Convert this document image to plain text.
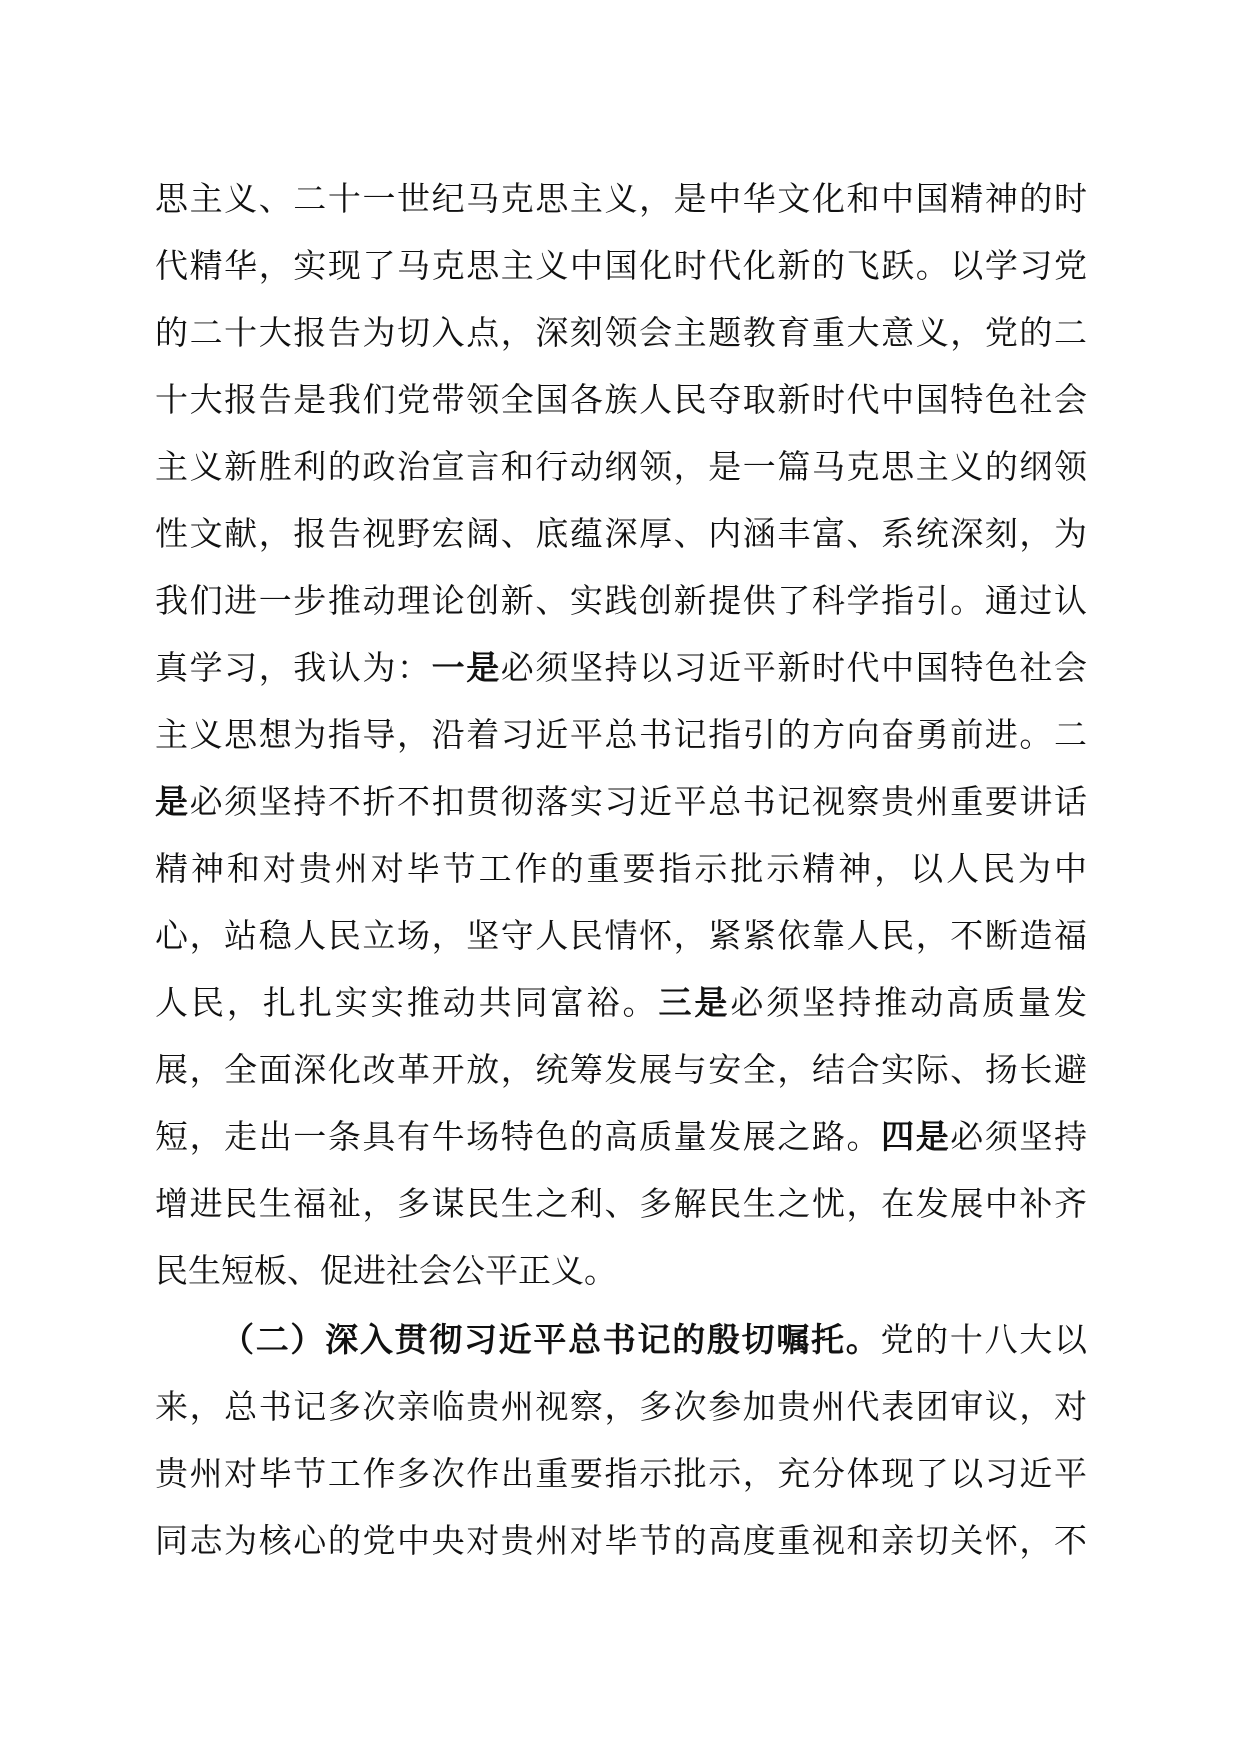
思主义、二十一世纪马克思主义，是中华文化和中国精神的时
代精华，实现了马克思主义中国化时代化新的飞跃。以学习党
的二十大报告为切入点，深刻领会主题教育重大意义，党的二
十大报告是我们党带领全国各族人民夺取新时代中国特色社会
主义新胜利的政治宣言和行动纲领，是一篇马克思主义的纲领
性文献，报告视野宏阔、底蕴深厚、内涵丰富、系统深刻，为
我们进一步推动理论创新、实践创新提供了科学指引。通过认
真学习，我认为：一是必须坚持以习近平新时代中国特色社会
主义思想为指导，沿着习近平总书记指引的方向奋勇前进。二
是必须坚持不折不扣贯彻落实习近平总书记视察贵州重要讲话
精神和对贵州对毕节工作的重要指示批示精神，以人民为中
心，站稳人民立场，坚守人民情怀，紧紧依靠人民，不断造福
人民，扎扎实实推动共同富裕。三是必须坚持推动高质量发
展，全面深化改革开放，统筹发展与安全，结合实际、扬长避
短，走出一条具有牛场特色的高质量发展之路。四是必须坚持
增进民生福祉，多谋民生之利、多解民生之忧，在发展中补齐
民生短板、促进社会公平正义。
（二）深入贯彻习近平总书记的殷切嘱托。党的十八大以
来，总书记多次亲临贵州视察，多次参加贵州代表团审议，对
贵州对毕节工作多次作出重要指示批示，充分体现了以习近平
同志为核心的党中央对贵州对毕节的高度重视和亲切关怀，不
